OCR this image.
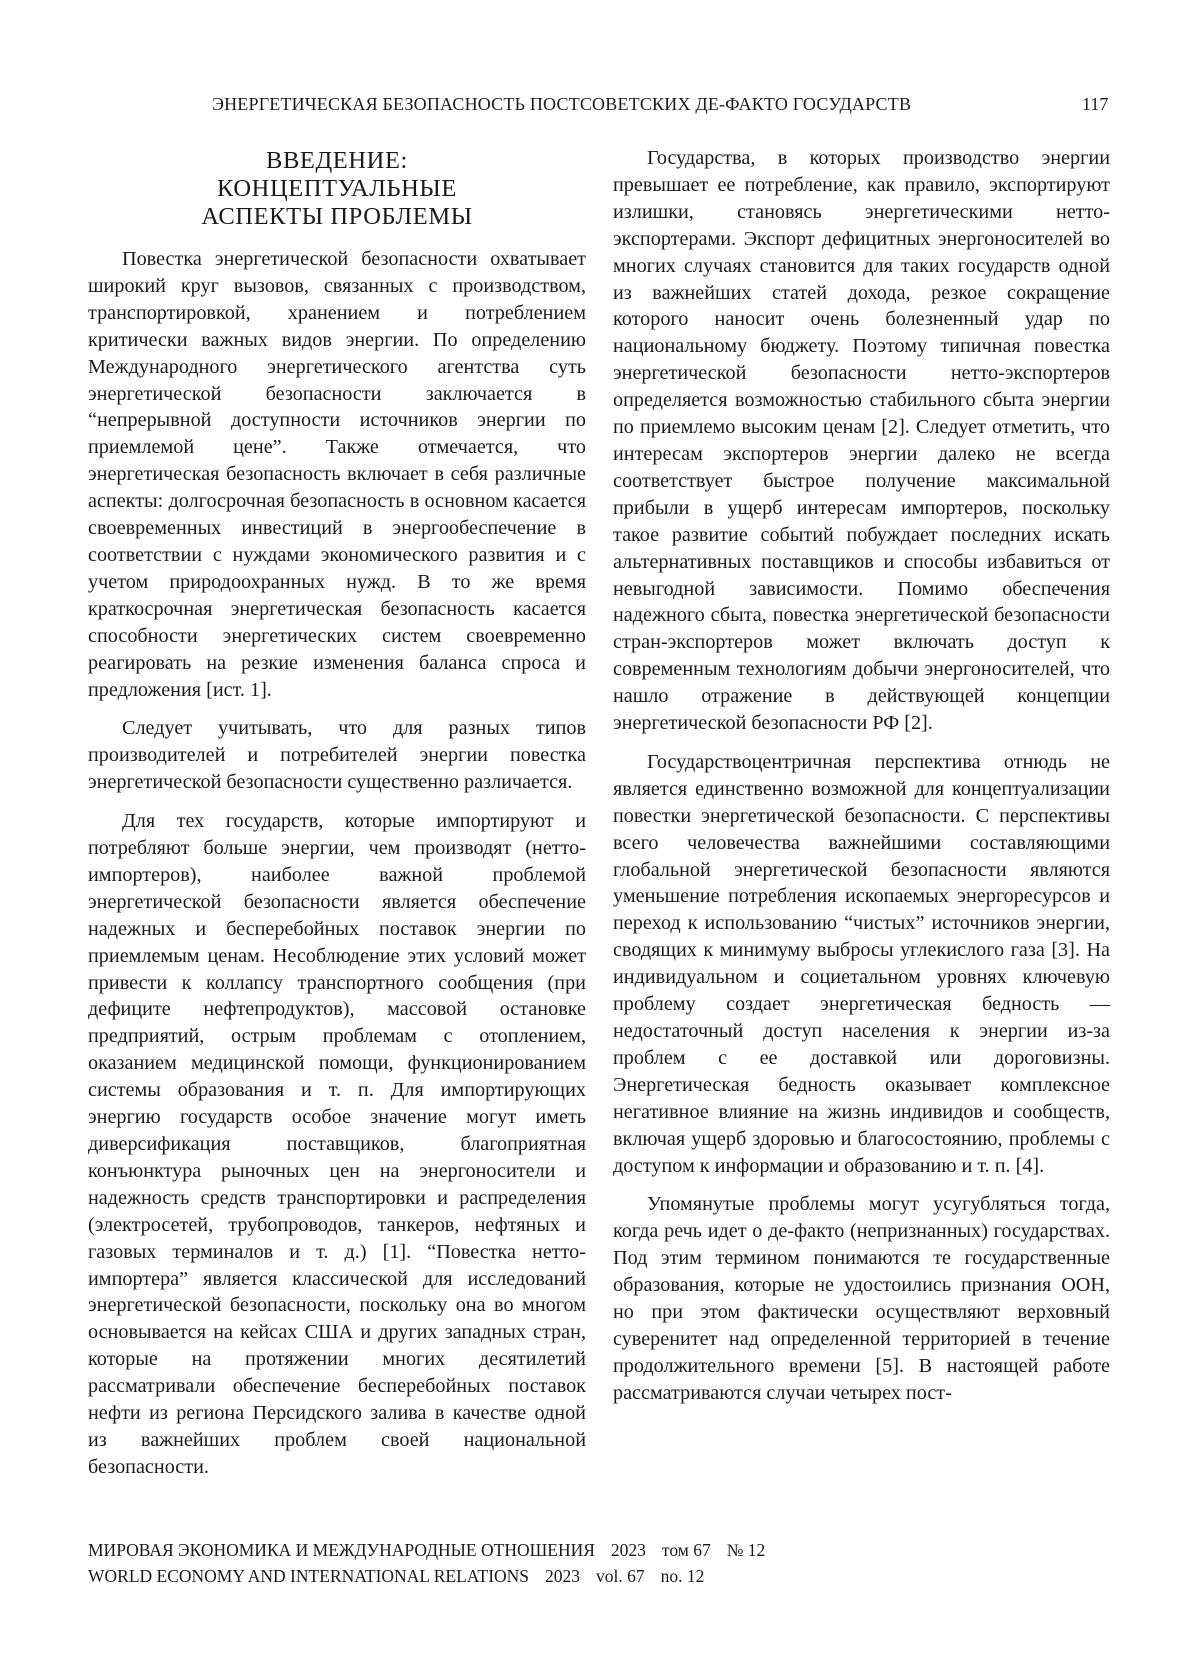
ЭНЕРГЕТИЧЕСКАЯ БЕЗОПАСНОСТЬ ПОСТСОВЕТСКИХ ДЕ-ФАКТО ГОСУДАРСТВ	117
ВВЕДЕНИЕ:
КОНЦЕПТУАЛЬНЫЕ
АСПЕКТЫ ПРОБЛЕМЫ

Повестка энергетической безопасности охватывает широкий круг вызовов, связанных с производством, транспортировкой, хранением и потреблением критически важных видов энергии. По определению Международного энергетического агентства суть энергетической безопасности заключается в “непрерывной доступности источников энергии по приемлемой цене”. Также отмечается, что энергетическая безопасность включает в себя различные аспекты: долгосрочная безопасность в основном касается своевременных инвестиций в энергообеспечение в соответствии с нуждами экономического развития и с учетом природоохранных нужд. В то же время краткосрочная энергетическая безопасность касается способности энергетических систем своевременно реагировать на резкие изменения баланса спроса и предложения [ист. 1].

Следует учитывать, что для разных типов производителей и потребителей энергии повестка энергетической безопасности существенно различается.

Для тех государств, которые импортируют и потребляют больше энергии, чем производят (нетто-импортеров), наиболее важной проблемой энергетической безопасности является обеспечение надежных и бесперебойных поставок энергии по приемлемым ценам. Несоблюдение этих условий может привести к коллапсу транспортного сообщения (при дефиците нефтепродуктов), массовой остановке предприятий, острым проблемам с отоплением, оказанием медицинской помощи, функционированием системы образования и т. п. Для импортирующих энергию государств особое значение могут иметь диверсификация поставщиков, благоприятная конъюнктура рыночных цен на энергоносители и надежность средств транспортировки и распределения (электросетей, трубопроводов, танкеров, нефтяных и газовых терминалов и т. д.) [1]. “Повестка нетто-импортера” является классической для исследований энергетической безопасности, поскольку она во многом основывается на кейсах США и других западных стран, которые на протяжении многих десятилетий рассматривали обеспечение бесперебойных поставок нефти из региона Персидского залива в качестве одной из важнейших проблем своей национальной безопасности.

Государства, в которых производство энергии превышает ее потребление, как правило, экспортируют излишки, становясь энергетическими нетто-экспортерами. Экспорт дефицитных энергоносителей во многих случаях становится для таких государств одной из важнейших статей дохода, резкое сокращение которого наносит очень болезненный удар по национальному бюджету. Поэтому типичная повестка энергетической безопасности нетто-экспортеров определяется возможностью стабильного сбыта энергии по приемлемо высоким ценам [2]. Следует отметить, что интересам экспортеров энергии далеко не всегда соответствует быстрое получение максимальной прибыли в ущерб интересам импортеров, поскольку такое развитие событий побуждает последних искать альтернативных поставщиков и способы избавиться от невыгодной зависимости. Помимо обеспечения надежного сбыта, повестка энергетической безопасности стран-экспортеров может включать доступ к современным технологиям добычи энергоносителей, что нашло отражение в действующей концепции энергетической безопасности РФ [2].

Государствоцентричная перспектива отнюдь не является единственно возможной для концептуализации повестки энергетической безопасности. С перспективы всего человечества важнейшими составляющими глобальной энергетической безопасности являются уменьшение потребления ископаемых энергоресурсов и переход к использованию “чистых” источников энергии, сводящих к минимуму выбросы углекислого газа [3]. На индивидуальном и социетальном уровнях ключевую проблему создает энергетическая бедность — недостаточный доступ населения к энергии из-за проблем с ее доставкой или дороговизны. Энергетическая бедность оказывает комплексное негативное влияние на жизнь индивидов и сообществ, включая ущерб здоровью и благосостоянию, проблемы с доступом к информации и образованию и т. п. [4].

Упомянутые проблемы могут усугубляться тогда, когда речь идет о де-факто (непризнанных) государствах. Под этим термином понимаются те государственные образования, которые не удостоились признания ООН, но при этом фактически осуществляют верховный суверенитет над определенной территорией в течение продолжительного времени [5]. В настоящей работе рассматриваются случаи четырех пост-

МИРОВАЯ ЭКОНОМИКА И МЕЖДУНАРОДНЫЕ ОТНОШЕНИЯ 2023 том 67 № 12
WORLD ECONOMY AND INTERNATIONAL RELATIONS 2023 vol. 67 no. 12
